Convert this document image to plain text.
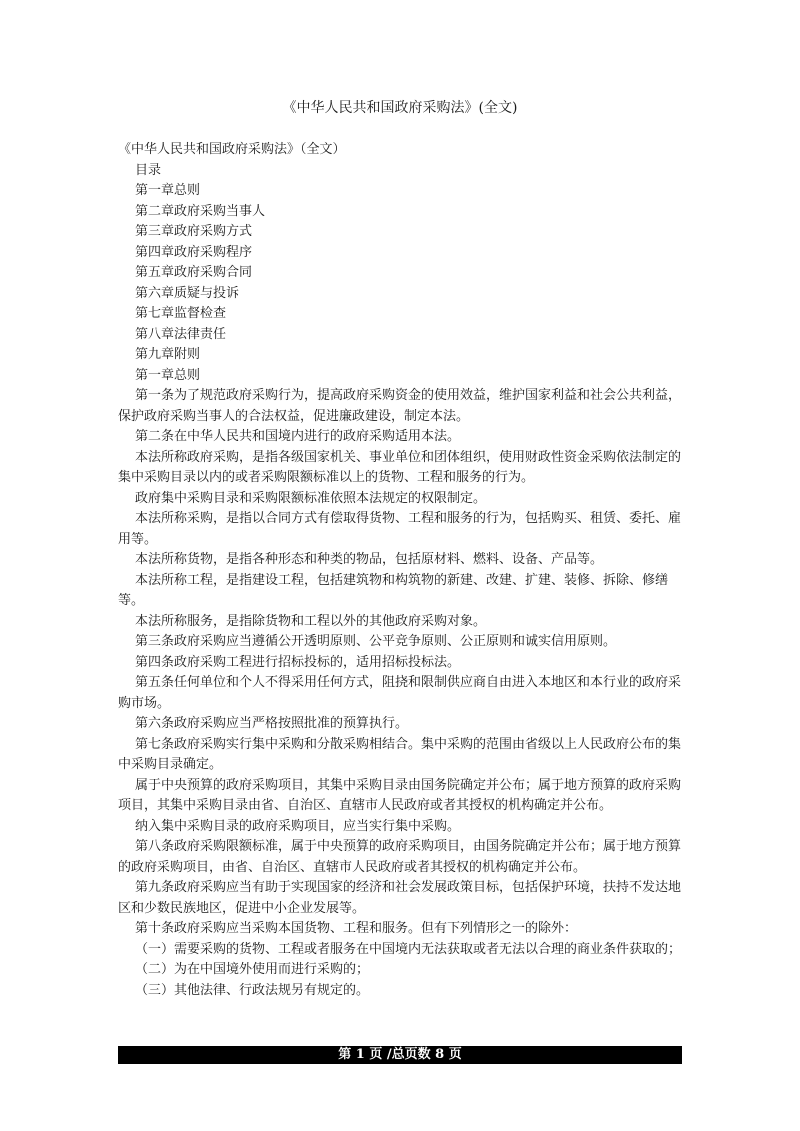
《中华人民共和国政府采购法》(全文)

《中华人民共和国政府采购法》（全文）

目录

第一章总则

第二章政府采购当事人

第三章政府采购方式

第四章政府采购程序

第五章政府采购合同

第六章质疑与投诉

第七章监督检查

第八章法律责任

第九章附则

第一章总则

第一条为了规范政府采购行为，提高政府采购资金的使用效益，维护国家利益和社会公共利益，保护政府采购当事人的合法权益，促进廉政建设，制定本法。

第二条在中华人民共和国境内进行的政府采购适用本法。

本法所称政府采购，是指各级国家机关、事业单位和团体组织，使用财政性资金采购依法制定的集中采购目录以内的或者采购限额标准以上的货物、工程和服务的行为。

政府集中采购目录和采购限额标准依照本法规定的权限制定。

本法所称采购，是指以合同方式有偿取得货物、工程和服务的行为，包括购买、租赁、委托、雇用等。

本法所称货物，是指各种形态和种类的物品，包括原材料、燃料、设备、产品等。

本法所称工程，是指建设工程，包括建筑物和构筑物的新建、改建、扩建、装修、拆除、修缮等。

本法所称服务，是指除货物和工程以外的其他政府采购对象。

第三条政府采购应当遵循公开透明原则、公平竞争原则、公正原则和诚实信用原则。

第四条政府采购工程进行招标投标的，适用招标投标法。

第五条任何单位和个人不得采用任何方式，阻挠和限制供应商自由进入本地区和本行业的政府采购市场。

第六条政府采购应当严格按照批准的预算执行。

第七条政府采购实行集中采购和分散采购相结合。集中采购的范围由省级以上人民政府公布的集中采购目录确定。

属于中央预算的政府采购项目，其集中采购目录由国务院确定并公布；属于地方预算的政府采购项目，其集中采购目录由省、自治区、直辖市人民政府或者其授权的机构确定并公布。

纳入集中采购目录的政府采购项目，应当实行集中采购。

第八条政府采购限额标准，属于中央预算的政府采购项目，由国务院确定并公布；属于地方预算的政府采购项目，由省、自治区、直辖市人民政府或者其授权的机构确定并公布。

第九条政府采购应当有助于实现国家的经济和社会发展政策目标，包括保护环境，扶持不发达地区和少数民族地区，促进中小企业发展等。

第十条政府采购应当采购本国货物、工程和服务。但有下列情形之一的除外：

（一）需要采购的货物、工程或者服务在中国境内无法获取或者无法以合理的商业条件获取的；

（二）为在中国境外使用而进行采购的；

（三）其他法律、行政法规另有规定的。

第 1 页 /总页数 8 页
